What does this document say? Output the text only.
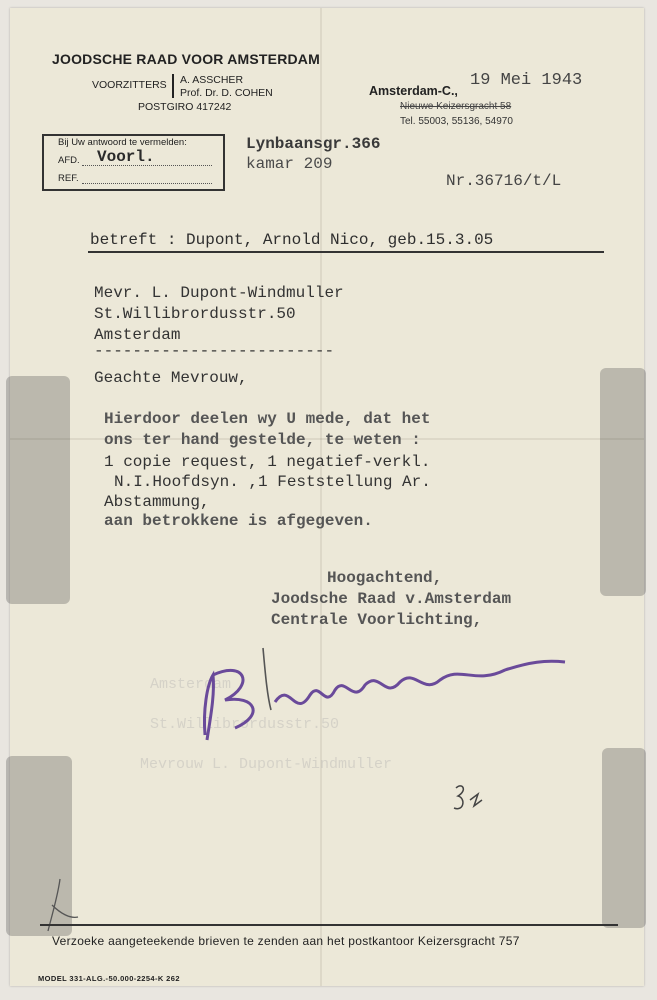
Amsterdam
St.Willibrordusstr.50
Mevrouw L. Dupont-Windmuller
JOODSCHE RAAD VOOR AMSTERDAM
VOORZITTERS A. ASSCHER
Prof. Dr. D. COHEN
POSTGIRO 417242
Amsterdam-C.,
19 Mei 1943
Nieuwe Keizersgracht 58
Tel. 55003, 55136, 54970
Bij Uw antwoord te vermelden:
AFD. Voorl.
REF.
Lynbaansgr.366
kamar 209
Nr.36716/t/L
betreft : Dupont, Arnold Nico, geb.15.3.05
Mevr. L. Dupont-Windmuller
St.Willibrordusstr.50
Amsterdam
-------------------------
Geachte Mevrouw,
Hierdoor deelen wy U mede, dat het
ons ter hand gestelde, te weten :
1 copie request, 1 negatief-verkl.
N.I.Hoofdsyn. ,1 Feststellung Ar.
Abstammung,
aan betrokkene is afgegeven.
Hoogachtend,
Joodsche Raad v.Amsterdam
Centrale Voorlichting,
Verzoeke aangeteekende brieven te zenden aan het postkantoor Keizersgracht 757
MODEL 331-ALG.-50.000-2254-K 262
